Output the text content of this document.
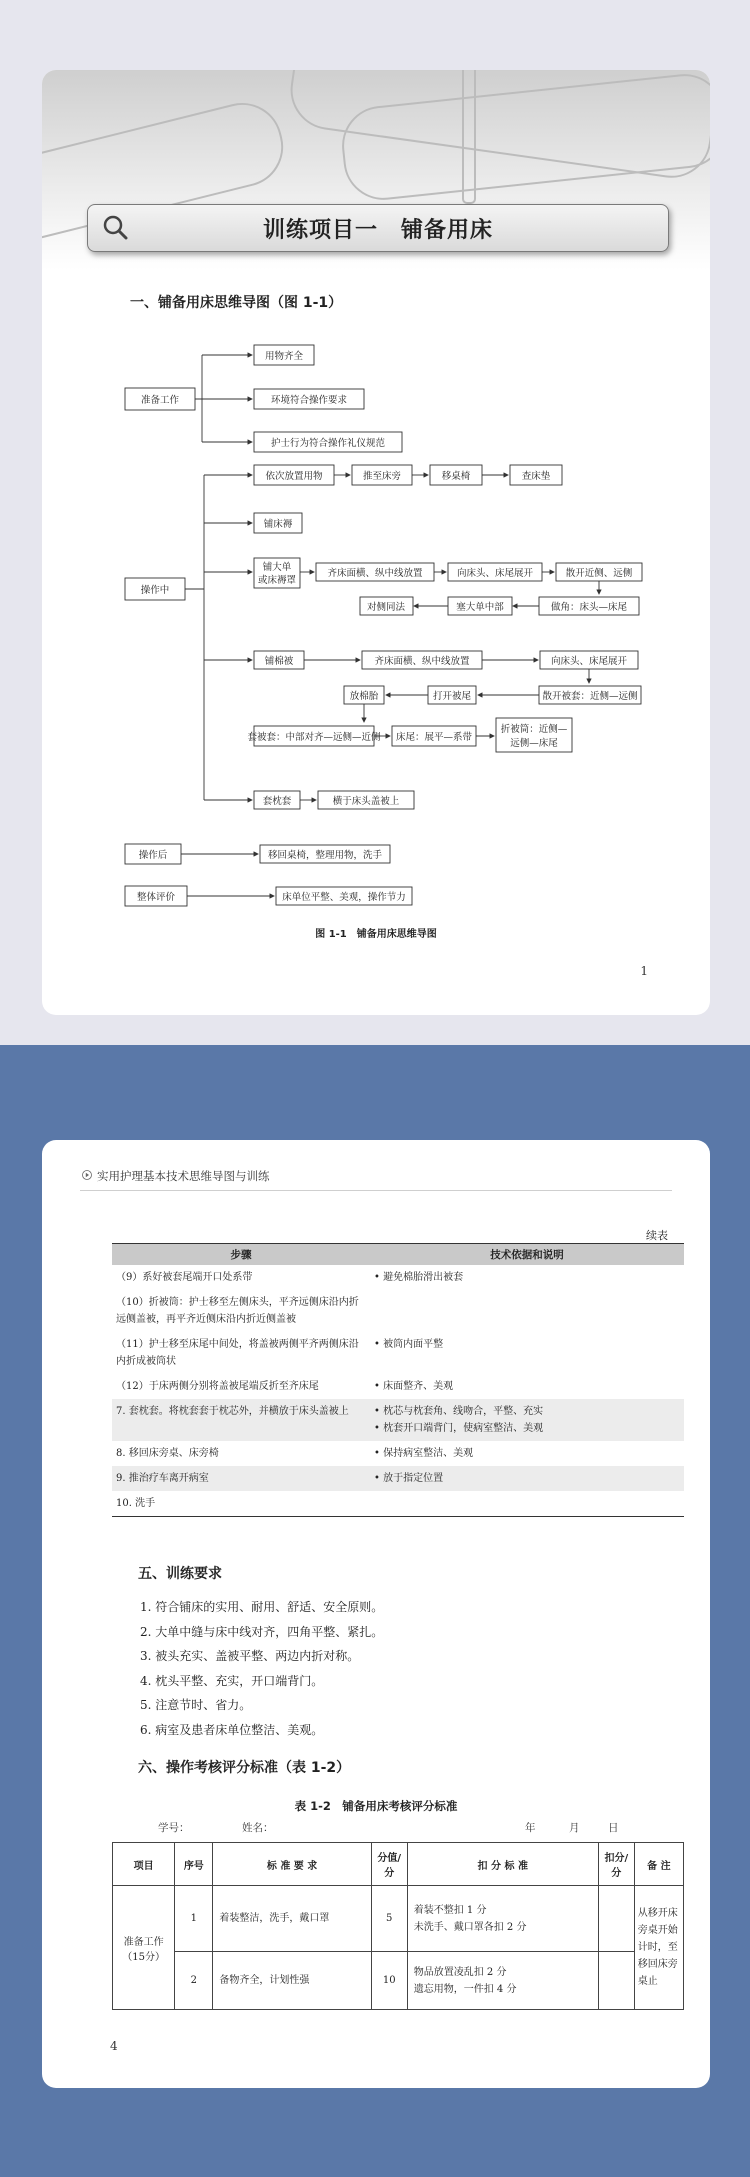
训练项目一　铺备用床
一、铺备用床思维导图（图 1-1）
准备工作
用物齐全
环境符合操作要求
护士行为符合操作礼仪规范
操作中
依次放置用物	推至床旁	移桌椅	查床垫
铺床褥
铺大单
或床褥罩
齐床面横、纵中线放置	向床头、床尾展开	散开近侧、远侧
做角：床头—床尾
塞大单中部
对侧同法
铺棉被	齐床面横、纵中线放置	向床头、床尾展开
散开被套：近侧—远侧
打开被尾
放棉胎
套被套：中部对齐—远侧—近侧 床尾：展平—系带
折被筒：近侧—
远侧—床尾
套枕套	横于床头盖被上
操作后	移回桌椅，整理用物，洗手
整体评价	床单位平整、美观，操作节力
图 1-1　铺备用床思维导图
1
实用护理基本技术思维导图与训练
续表
步骤	技术依据和说明
（9）系好被套尾端开口处系带	• 避免棉胎滑出被套
（10）折被筒：护士移至左侧床头，平齐远侧床沿内折远侧盖被，再平齐近侧床沿内折近侧盖被	
（11）护士移至床尾中间处，将盖被两侧平齐两侧床沿内折成被筒状	• 被筒内面平整
（12）于床两侧分别将盖被尾端反折至齐床尾	• 床面整齐、美观
7. 套枕套。将枕套套于枕芯外，并横放于床头盖被上	• 枕芯与枕套角、线吻合，平整、充实
• 枕套开口端背门，使病室整洁、美观

8. 移回床旁桌、床旁椅	• 保持病室整洁、美观
9. 推治疗车离开病室	• 放于指定位置
10. 洗手	
五、训练要求
1. 符合铺床的实用、耐用、舒适、安全原则。
2. 大单中缝与床中线对齐，四角平整、紧扎。
3. 被头充实、盖被平整、两边内折对称。
4. 枕头平整、充实，开口端背门。
5. 注意节时、省力。
6. 病室及患者床单位整洁、美观。
六、操作考核评分标准（表 1-2）
表 1-2　铺备用床考核评分标准
学号：	姓名：	年	月	日
项目	序号	标 准 要 求	分值/分	扣 分 标 准	扣分/分	备 注
准备工作（15分）	1	着装整洁，洗手，戴口罩	5	着装不整扣 1 分
未洗手、戴口罩各扣 2 分		从移开床旁桌开始计时，至移回床旁桌止
	2	备物齐全，计划性强	10	物品放置凌乱扣 2 分
遗忘用物，一件扣 4 分		

4
